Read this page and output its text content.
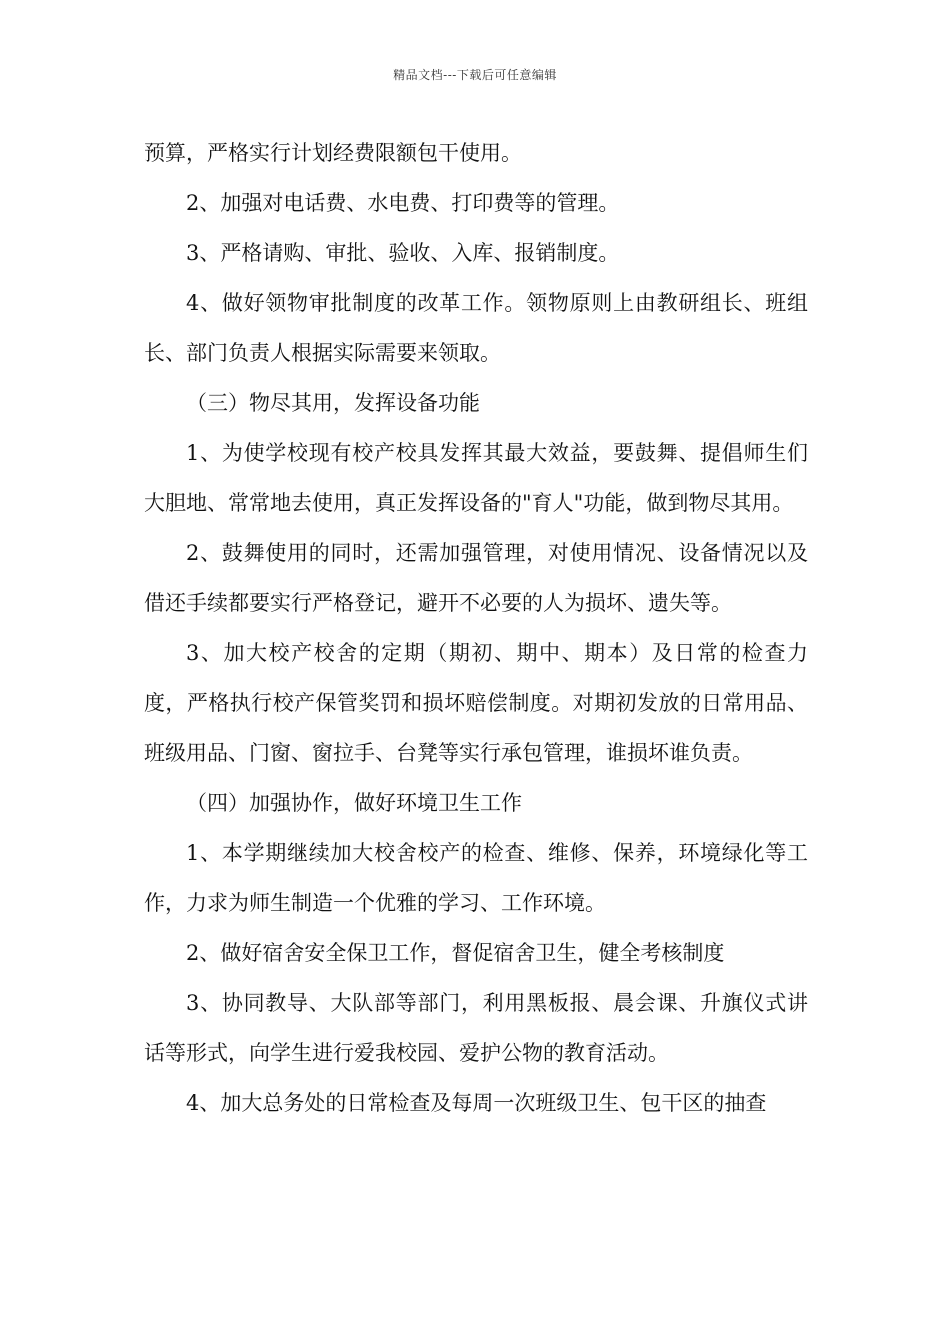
精品文档---下载后可任意编辑

预算，严格实行计划经费限额包干使用。

2、加强对电话费、水电费、打印费等的管理。

3、严格请购、审批、验收、入库、报销制度。

4、做好领物审批制度的改革工作。领物原则上由教研组长、班组长、部门负责人根据实际需要来领取。

（三）物尽其用，发挥设备功能

1、为使学校现有校产校具发挥其最大效益，要鼓舞、提倡师生们大胆地、常常地去使用，真正发挥设备的"育人"功能，做到物尽其用。

2、鼓舞使用的同时，还需加强管理，对使用情况、设备情况以及借还手续都要实行严格登记，避开不必要的人为损坏、遗失等。

3、加大校产校舍的定期（期初、期中、期本）及日常的检查力度，严格执行校产保管奖罚和损坏赔偿制度。对期初发放的日常用品、班级用品、门窗、窗拉手、台凳等实行承包管理，谁损坏谁负责。

（四）加强协作，做好环境卫生工作

1、本学期继续加大校舍校产的检查、维修、保养，环境绿化等工作，力求为师生制造一个优雅的学习、工作环境。

2、做好宿舍安全保卫工作，督促宿舍卫生，健全考核制度

3、协同教导、大队部等部门，利用黑板报、晨会课、升旗仪式讲话等形式，向学生进行爱我校园、爱护公物的教育活动。

4、加大总务处的日常检查及每周一次班级卫生、包干区的抽查
